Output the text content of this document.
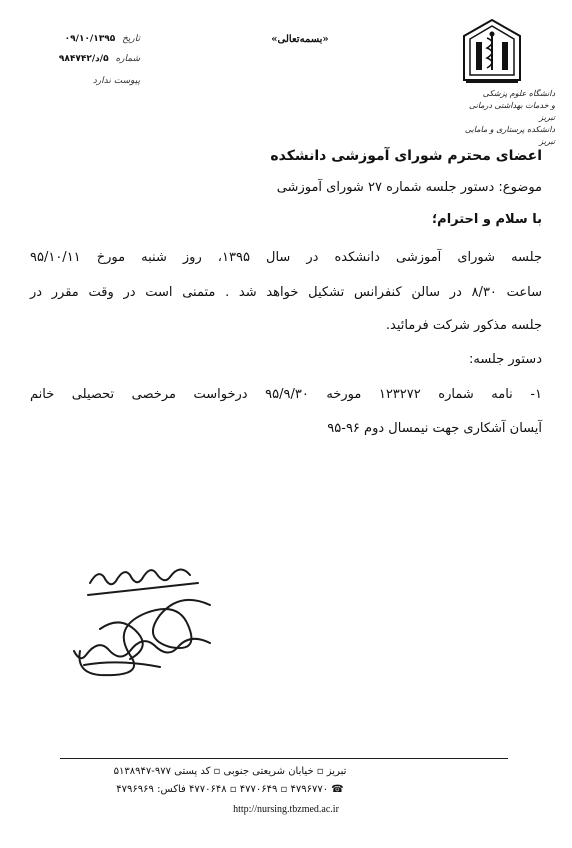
تاریخ ۰۹/۱۰/۱۳۹۵
شماره ۵/د/۹۸۴۷۴۲
پیوست ندارد
«بسمه‌تعالی»
دانشگاه علوم پزشکی
و خدمات بهداشتی درمانی تبریز
دانشکده پرستاری و مامایی تبریز
اعضای محترم شورای آموزشی دانشکده
موضوع: دستور جلسه شماره ۲۷ شورای آموزشی
با سلام و احترام؛
جلسه شورای آموزشی دانشکده در سال ۱۳۹۵، روز شنبه مورخ ۹۵/۱۰/۱۱
ساعت ۸/۳۰ در سالن کنفرانس تشکیل خواهد شد . متمنی است در وقت مقرر در
جلسه مذکور شرکت فرمائید.
دستور جلسه:
۱- نامه شماره ۱۲۳۲۷۲ مورخه ۹۵/۹/۳۰ درخواست مرخصی تحصیلی خانم
آیسان آشکاری جهت نیمسال دوم ۹۶-۹۵
تبریز ▫ خیابان شریعتی جنوبی ▫ کد پستی ۹۷۷-۵۱۳۸۹۴۷
☎ ۴۷۹۶۷۷۰ ▫ ۴۷۷۰۶۴۹ ▫ ۴۷۷۰۶۴۸ فاکس: ۴۷۹۶۹۶۹
http://nursing.tbzmed.ac.ir
